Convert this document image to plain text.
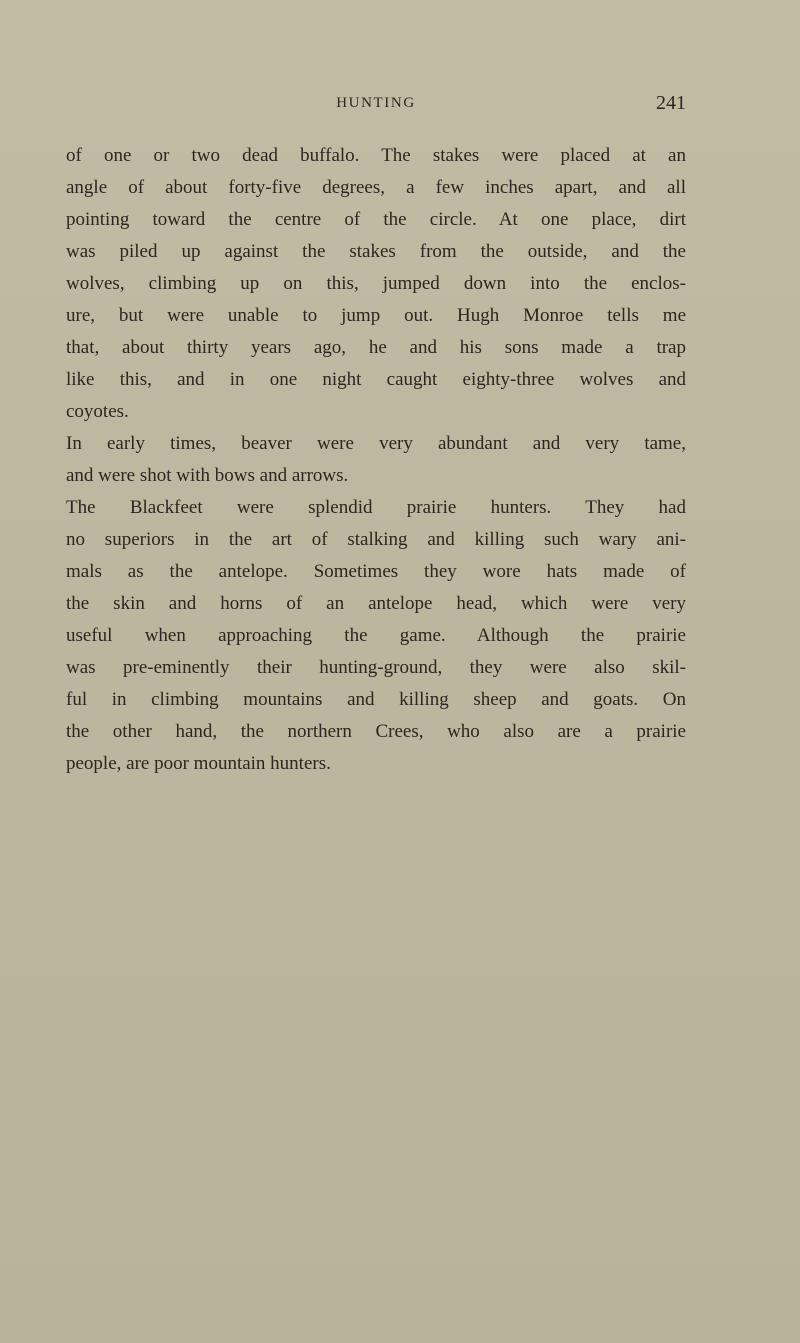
HUNTING	241
of one or two dead buffalo. The stakes were placed at an
angle of about forty-five degrees, a few inches apart, and all
pointing toward the centre of the circle. At one place, dirt
was piled up against the stakes from the outside, and the
wolves, climbing up on this, jumped down into the enclos-
ure, but were unable to jump out. Hugh Monroe tells me
that, about thirty years ago, he and his sons made a trap
like this, and in one night caught eighty-three wolves and
coyotes.
In early times, beaver were very abundant and very tame,
and were shot with bows and arrows.
The Blackfeet were splendid prairie hunters. They had
no superiors in the art of stalking and killing such wary ani-
mals as the antelope. Sometimes they wore hats made of
the skin and horns of an antelope head, which were very
useful when approaching the game. Although the prairie
was pre-eminently their hunting-ground, they were also skil-
ful in climbing mountains and killing sheep and goats. On
the other hand, the northern Crees, who also are a prairie
people, are poor mountain hunters.
